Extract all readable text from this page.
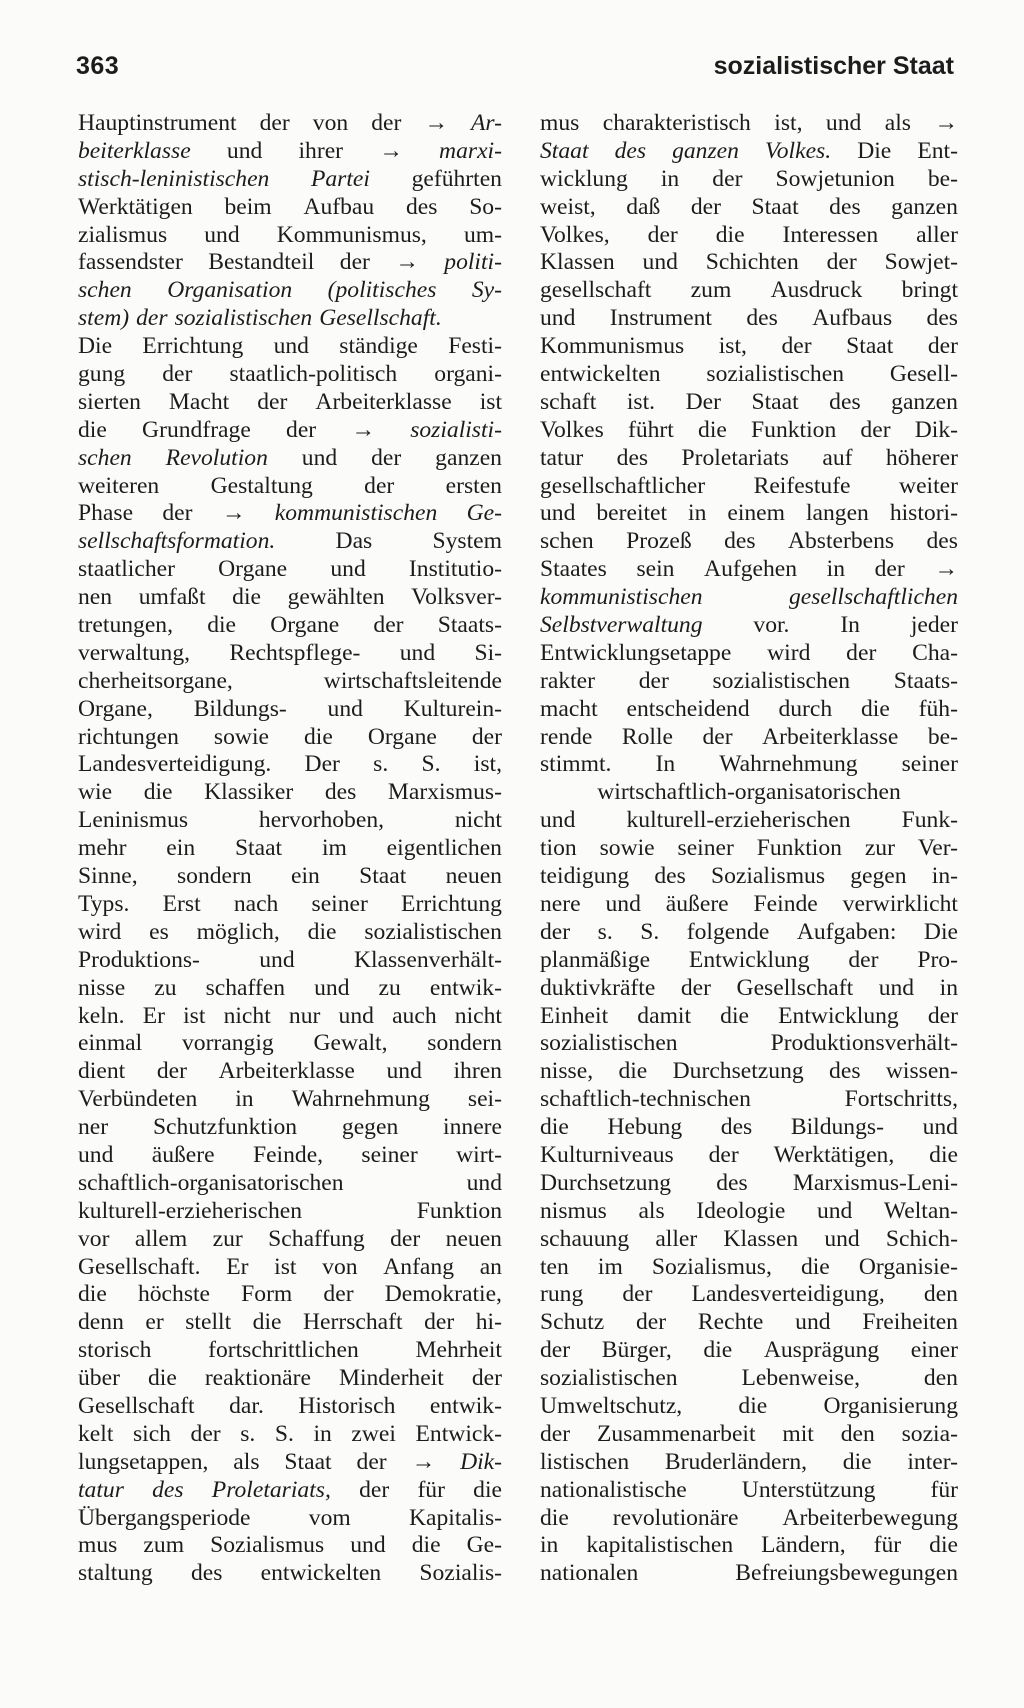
363	sozialistischer Staat
Hauptinstrument der von der → Ar-
beiterklasse und ihrer → marxi-
stisch-leninistischen Partei geführten
Werktätigen beim Aufbau des So-
zialismus und Kommunismus, um-
fassendster Bestandteil der → politi-
schen Organisation (politisches Sy-
stem) der sozialistischen Gesellschaft.
Die Errichtung und ständige Festi-
gung der staatlich-politisch organi-
sierten Macht der Arbeiterklasse ist
die Grundfrage der → sozialisti-
schen Revolution und der ganzen
weiteren Gestaltung der ersten
Phase der → kommunistischen Ge-
sellschaftsformation.	Das	System
staatlicher Organe und Institutio-
nen umfaßt die gewählten Volksver-
tretungen, die Organe der Staats-
verwaltung, Rechtspflege- und Si-
cherheitsorgane,	wirtschaftsleitende
Organe, Bildungs- und Kulturein-
richtungen sowie die Organe der
Landesverteidigung. Der s. S. ist,
wie die Klassiker des Marxismus-
Leninismus	hervorhoben,	nicht
mehr ein Staat im eigentlichen
Sinne, sondern ein Staat neuen
Typs. Erst nach seiner Errichtung
wird es möglich, die sozialistischen
Produktions-	und	Klassenverhält-
nisse zu schaffen und zu entwik-
keln. Er ist nicht nur und auch nicht
einmal vorrangig Gewalt, sondern
dient der Arbeiterklasse und ihren
Verbündeten in Wahrnehmung sei-
ner Schutzfunktion gegen innere
und äußere Feinde, seiner wirt-
schaftlich-organisatorischen	und
kulturell-erzieherischen	Funktion
vor allem zur Schaffung der neuen
Gesellschaft. Er ist von Anfang an
die höchste Form der Demokratie,
denn er stellt die Herrschaft der hi-
storisch fortschrittlichen Mehrheit
über die reaktionäre Minderheit der
Gesellschaft dar. Historisch entwik-
kelt sich der s. S. in zwei Entwick-
lungsetappen, als Staat der → Dik-
tatur des Proletariats, der für die
Übergangsperiode vom Kapitalis-
mus zum Sozialismus und die Ge-
staltung des entwickelten Sozialis-
mus charakteristisch ist, und als →
Staat des ganzen Volkes. Die Ent-
wicklung in der Sowjetunion be-
weist, daß der Staat des ganzen
Volkes, der die Interessen aller
Klassen und Schichten der Sowjet-
gesellschaft zum Ausdruck bringt
und Instrument des Aufbaus des
Kommunismus ist, der Staat der
entwickelten sozialistischen Gesell-
schaft ist. Der Staat des ganzen
Volkes führt die Funktion der Dik-
tatur des Proletariats auf höherer
gesellschaftlicher Reifestufe weiter
und bereitet in einem langen histori-
schen Prozeß des Absterbens des
Staates sein Aufgehen in der →
kommunistischen	gesellschaftlichen
Selbstverwaltung vor. In jeder
Entwicklungsetappe wird der Cha-
rakter der sozialistischen Staats-
macht entscheidend durch die füh-
rende Rolle der Arbeiterklasse be-
stimmt. In Wahrnehmung seiner
wirtschaftlich-organisatorischen
und kulturell-erzieherischen Funk-
tion sowie seiner Funktion zur Ver-
teidigung des Sozialismus gegen in-
nere und äußere Feinde verwirklicht
der s. S. folgende Aufgaben: Die
planmäßige Entwicklung der Pro-
duktivkräfte der Gesellschaft und in
Einheit damit die Entwicklung der
sozialistischen	Produktionsverhält-
nisse, die Durchsetzung des wissen-
schaftlich-technischen	Fortschritts,
die Hebung des Bildungs- und
Kulturniveaus der Werktätigen, die
Durchsetzung des Marxismus-Leni-
nismus als Ideologie und Weltan-
schauung aller Klassen und Schich-
ten im Sozialismus, die Organisie-
rung der Landesverteidigung, den
Schutz der Rechte und Freiheiten
der Bürger, die Ausprägung einer
sozialistischen	Lebenweise,	den
Umweltschutz, die Organisierung
der Zusammenarbeit mit den sozia-
listischen Bruderländern, die inter-
nationalistische Unterstützung für
die revolutionäre Arbeiterbewegung
in kapitalistischen Ländern, für die
nationalen	Befreiungsbewegungen
